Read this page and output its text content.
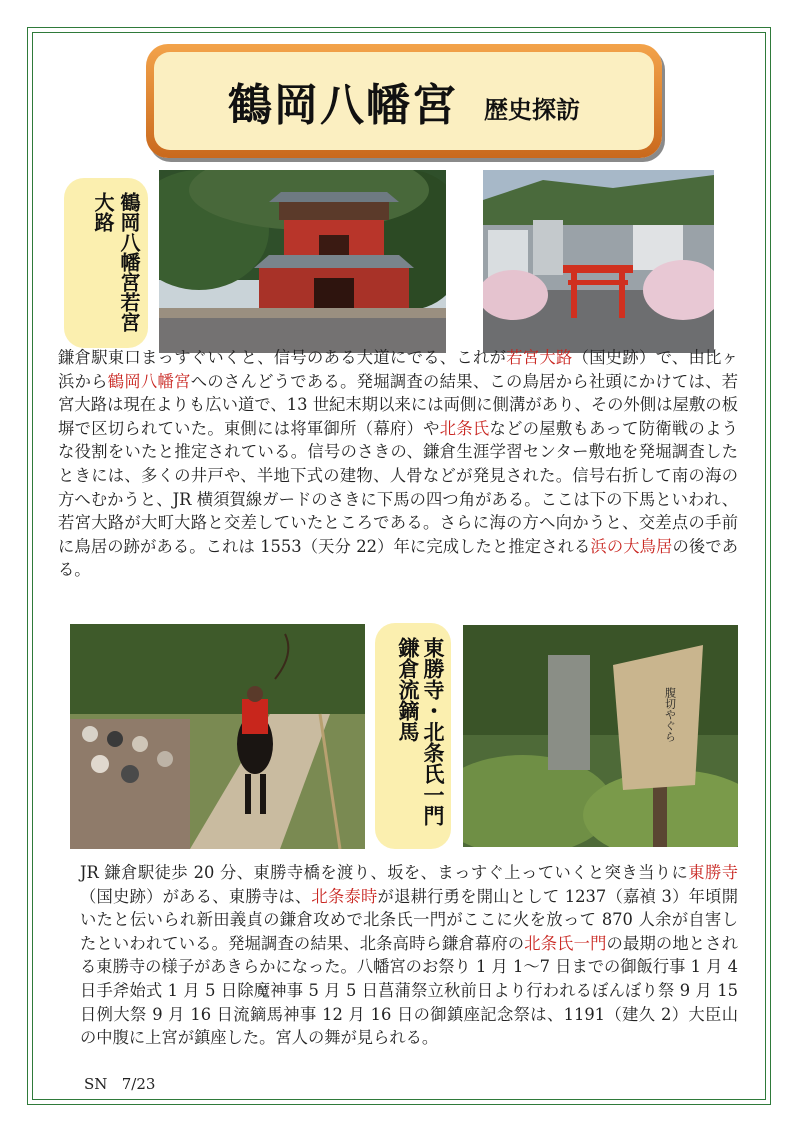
鶴岡八幡宮 歴史探訪
鶴岡八幡宮若宮大路

鎌倉駅東口まっすぐいくと、信号のある大道にでる、これが若宮大路（国史跡）で、由比ヶ浜から鶴岡八幡宮へのさんどうである。発堀調査の結果、この鳥居から社頭にかけては、若宮大路は現在よりも広い道で、13 世紀末期以来には両側に側溝があり、その外側は屋敷の板塀で区切られていた。東側には将軍御所（幕府）や北条氏などの屋敷もあって防衛戦のような役割をいたと推定されている。信号のさきの、鎌倉生涯学習センター敷地を発堀調査したときには、多くの井戸や、半地下式の建物、人骨などが発見された。信号右折して南の海の方へむかうと、JR 横須賀線ガードのさきに下馬の四つ角がある。ここは下の下馬といわれ、若宮大路が大町大路と交差していたところである。さらに海の方へ向かうと、交差点の手前に鳥居の跡がある。これは 1553（天分 22）年に完成したと推定される浜の大鳥居の後である。

東勝寺・北条氏一門鎌倉流鏑馬	腹切やぐら

JR 鎌倉駅徒歩 20 分、東勝寺橋を渡り、坂を、まっすぐ上っていくと突き当りに東勝寺（国史跡）がある、東勝寺は、北条泰時が退耕行勇を開山として 1237（嘉禎 3）年頃開いたと伝いられ新田義貞の鎌倉攻めで北条氏一門がここに火を放って 870 人余が自害したといわれている。発堀調査の結果、北条高時ら鎌倉幕府の北条氏一門の最期の地とされる東勝寺の様子があきらかになった。八幡宮のお祭り 1 月 1〜7 日までの御飯行事 1 月 4 日手斧始式 1 月 5 日除魔神事 5 月 5 日菖蒲祭立秋前日より行われるぼんぼり祭 9 月 15 日例大祭 9 月 16 日流鏑馬神事 12 月 16 日の御鎮座記念祭は、1191（建久 2）大臣山の中腹に上宮が鎮座した。宮人の舞が見られる。

SN 7/23
